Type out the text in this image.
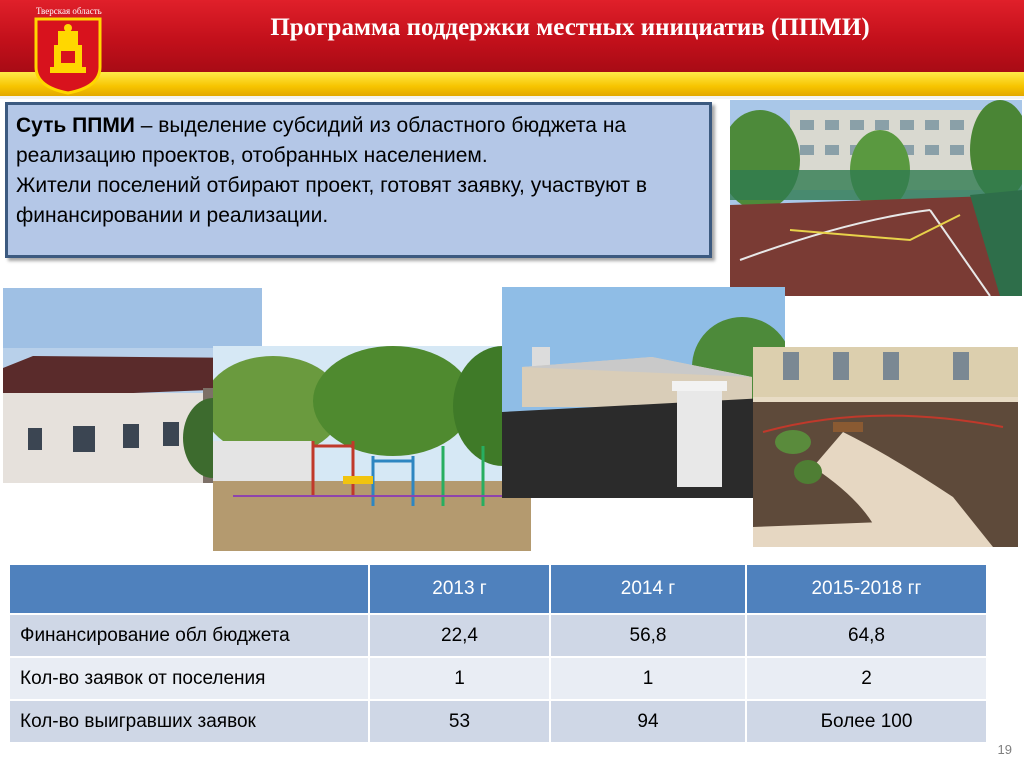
Тверская область
Программа поддержки местных инициатив (ППМИ)
Суть ППМИ – выделение субсидий из областного бюджета на реализацию проектов, отобранных населением.
Жители поселений отбирают проект, готовят заявку, участвуют в финансировании и реализации.
	2013 г	2014 г	2015-2018 гг
Финансирование обл бюджета	22,4	56,8	64,8
Кол-во заявок от поселения	1	1	2
Кол-во выигравших заявок	53	94	Более 100
19
